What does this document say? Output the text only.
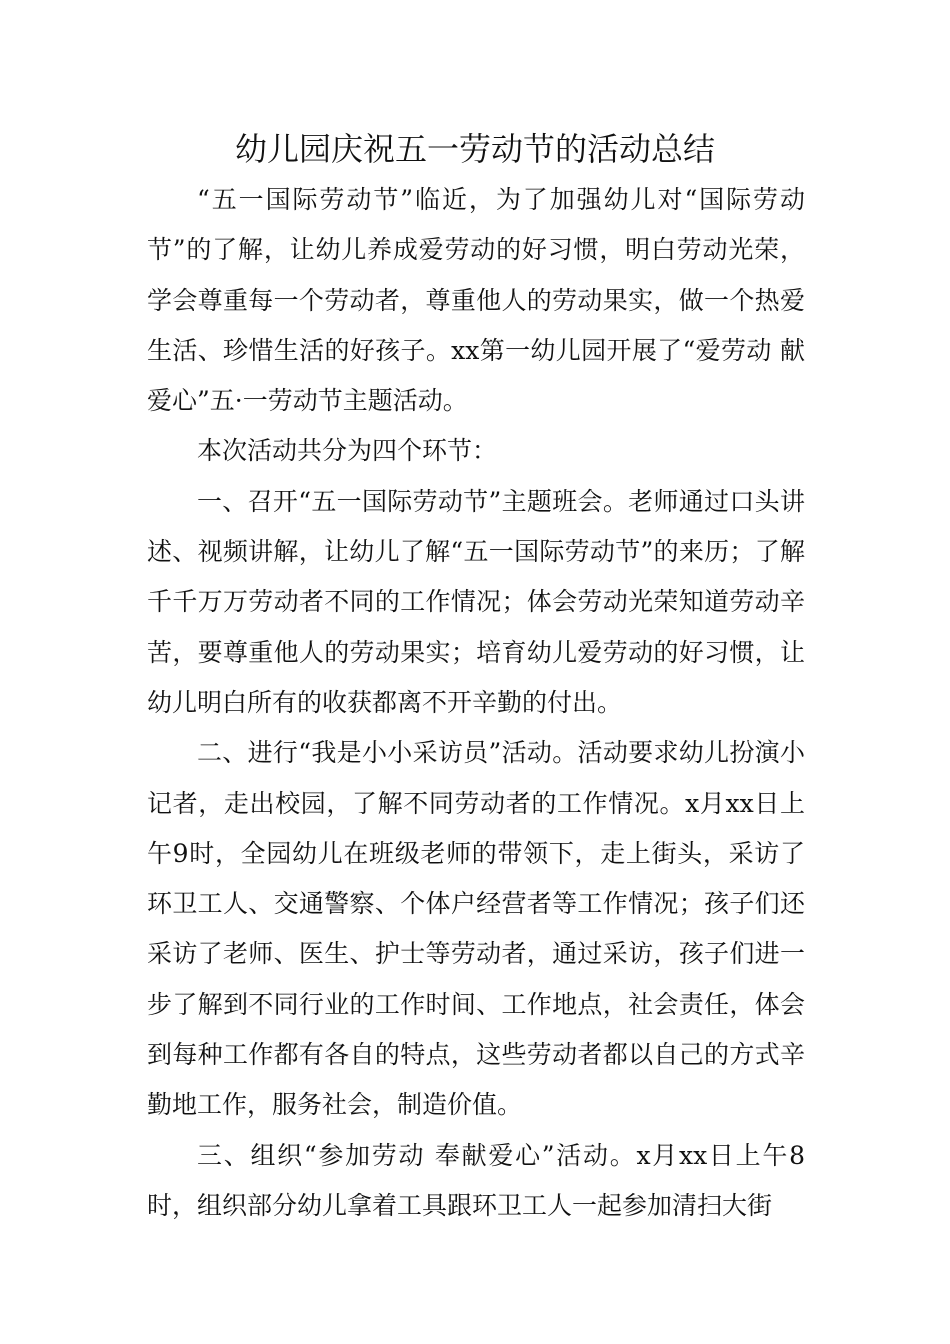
幼儿园庆祝五一劳动节的活动总结

“五一国际劳动节”临近，为了加强幼儿对“国际劳动节”的了解，让幼儿养成爱劳动的好习惯，明白劳动光荣，学会尊重每一个劳动者，尊重他人的劳动果实，做一个热爱生活、珍惜生活的好孩子。xx第一幼儿园开展了“爱劳动 献爱心”五·一劳动节主题活动。

本次活动共分为四个环节：

一、召开“五一国际劳动节”主题班会。老师通过口头讲述、视频讲解，让幼儿了解“五一国际劳动节”的来历；了解千千万万劳动者不同的工作情况；体会劳动光荣知道劳动辛苦，要尊重他人的劳动果实；培育幼儿爱劳动的好习惯，让幼儿明白所有的收获都离不开辛勤的付出。

二、进行“我是小小采访员”活动。活动要求幼儿扮演小记者，走出校园，了解不同劳动者的工作情况。x月xx日上午9时，全园幼儿在班级老师的带领下，走上街头，采访了环卫工人、交通警察、个体户经营者等工作情况；孩子们还采访了老师、医生、护士等劳动者，通过采访，孩子们进一步了解到不同行业的工作时间、工作地点，社会责任，体会到每种工作都有各自的特点，这些劳动者都以自己的方式辛勤地工作，服务社会，制造价值。

三、组织“参加劳动 奉献爱心”活动。x月xx日上午8时，组织部分幼儿拿着工具跟环卫工人一起参加清扫大街
